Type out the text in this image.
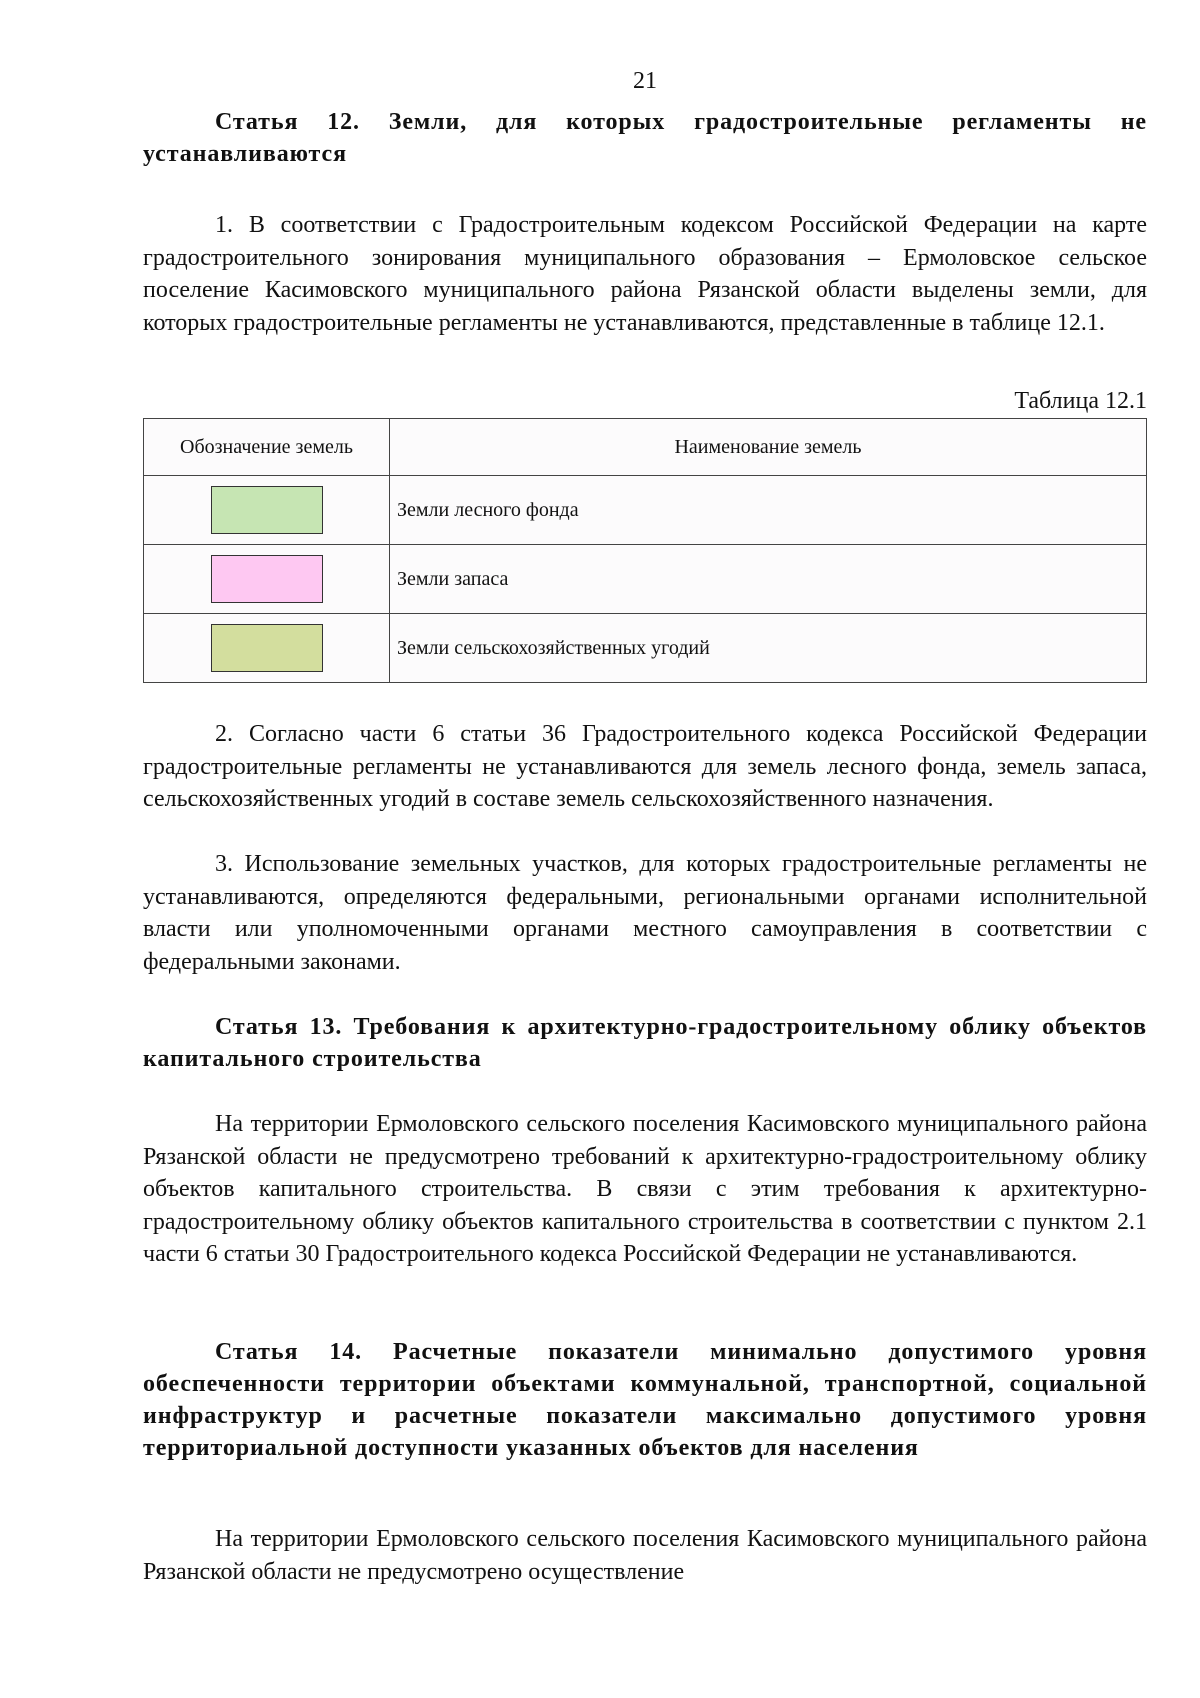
21
Статья 12. Земли, для которых градостроительные регламенты не устанавливаются
1. В соответствии с Градостроительным кодексом Российской Федерации на карте градостроительного зонирования муниципального образования – Ермоловское сельское поселение Касимовского муниципального района Рязанской области выделены земли, для которых градостроительные регламенты не устанавливаются, представленные в таблице 12.1.
Таблица 12.1
Обозначение земель	Наименование земель
	Земли лесного фонда
	Земли запаса
	Земли сельскохозяйственных угодий
2. Согласно части 6 статьи 36 Градостроительного кодекса Российской Федерации градостроительные регламенты не устанавливаются для земель лесного фонда, земель запаса, сельскохозяйственных угодий в составе земель сельскохозяйственного назначения.
3. Использование земельных участков, для которых градостроительные регламенты не устанавливаются, определяются федеральными, региональными органами исполнительной власти или уполномоченными органами местного самоуправления в соответствии с федеральными законами.
Статья 13. Требования к архитектурно-градостроительному облику объектов капитального строительства
На территории Ермоловского сельского поселения Касимовского муниципального района Рязанской области не предусмотрено требований к архитектурно-градостроительному облику объектов капитального строительства. В связи с этим требования к архитектурно-градостроительному облику объектов капитального строительства в соответствии с пунктом 2.1 части 6 статьи 30 Градостроительного кодекса Российской Федерации не устанавливаются.
Статья 14. Расчетные показатели минимально допустимого уровня обеспеченности территории объектами коммунальной, транспортной, социальной инфраструктур и расчетные показатели максимально допустимого уровня территориальной доступности указанных объектов для населения
На территории Ермоловского сельского поселения Касимовского муниципального района Рязанской области не предусмотрено осуществление
